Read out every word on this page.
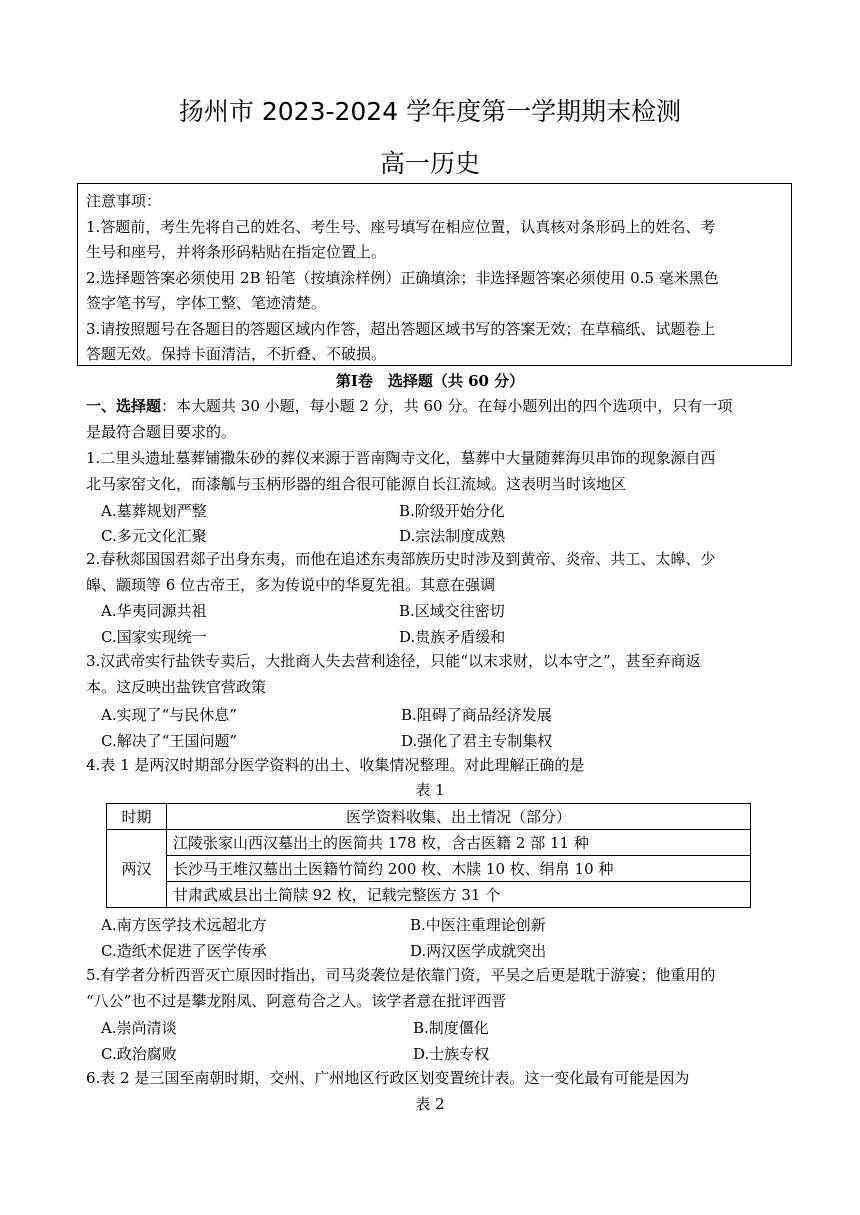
扬州市 2023-2024 学年度第一学期期末检测
高一历史
注意事项：
1.答题前，考生先将自己的姓名、考生号、座号填写在相应位置，认真核对条形码上的姓名、考
生号和座号，并将条形码粘贴在指定位置上。
2.选择题答案必须使用 2B 铅笔（按填涂样例）正确填涂；非选择题答案必须使用 0.5 毫米黑色
签字笔书写，字体工整、笔迹清楚。
3.请按照题号在各题目的答题区域内作答，超出答题区域书写的答案无效；在草稿纸、试题卷上
答题无效。保持卡面清洁，不折叠、不破损。
第Ⅰ卷　选择题（共 60 分）
一、选择题：本大题共 30 小题，每小题 2 分，共 60 分。在每小题列出的四个选项中，只有一项
是最符合题目要求的。
1.二里头遗址墓葬铺撒朱砂的葬仪来源于晋南陶寺文化，墓葬中大量随葬海贝串饰的现象源自西
北马家窑文化，而漆觚与玉柄形器的组合很可能源自长江流域。这表明当时该地区
A.墓葬规划严整	B.阶级开始分化
C.多元文化汇聚	D.宗法制度成熟
2.春秋郯国国君郯子出身东夷，而他在追述东夷部族历史时涉及到黄帝、炎帝、共工、太皞、少
皞、颛顼等 6 位古帝王，多为传说中的华夏先祖。其意在强调
A.华夷同源共祖	B.区域交往密切
C.国家实现统一	D.贵族矛盾缓和
3.汉武帝实行盐铁专卖后，大批商人失去营利途径，只能“以末求财，以本守之”，甚至弃商返
本。这反映出盐铁官营政策
A.实现了“与民休息”	B.阻碍了商品经济发展
C.解决了“王国问题”	D.强化了君主专制集权
4.表 1 是两汉时期部分医学资料的出土、收集情况整理。对此理解正确的是
表 1
时期	医学资料收集、出土情况（部分）
两汉	江陵张家山西汉墓出土的医简共 178 枚，含古医籍 2 部 11 种
	长沙马王堆汉墓出土医籍竹简约 200 枚、木牍 10 枚、绢帛 10 种
	甘肃武威县出土简牍 92 枚，记载完整医方 31 个
A.南方医学技术远超北方	B.中医注重理论创新
C.造纸术促进了医学传承	D.两汉医学成就突出
5.有学者分析西晋灭亡原因时指出，司马炎袭位是依靠门资，平吴之后更是耽于游宴；他重用的
“八公”也不过是攀龙附凤、阿意苟合之人。该学者意在批评西晋
A.崇尚清谈	B.制度僵化
C.政治腐败	D.士族专权
6.表 2 是三国至南朝时期，交州、广州地区行政区划变置统计表。这一变化最有可能是因为
表 2
